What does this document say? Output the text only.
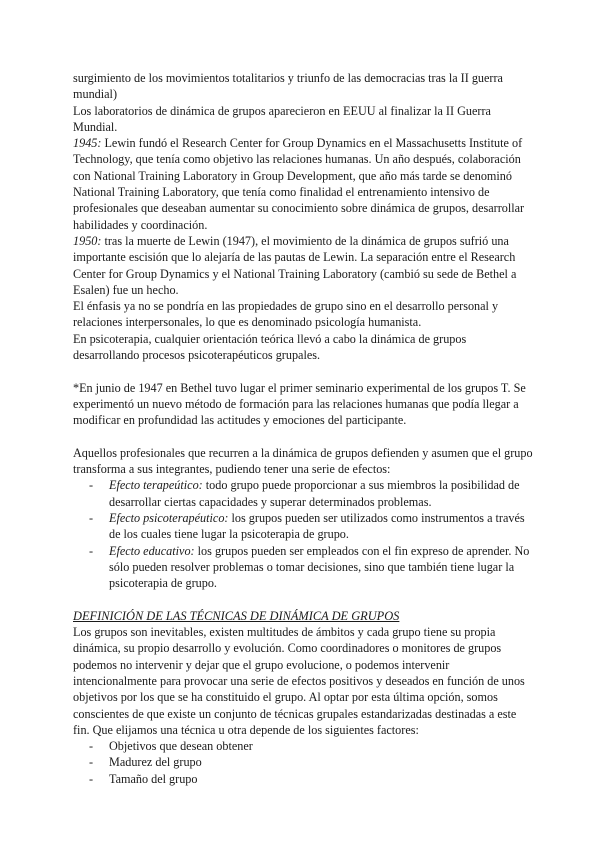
surgimiento de los movimientos totalitarios y triunfo de las democracias tras la II guerra mundial)

Los laboratorios de dinámica de grupos aparecieron en EEUU al finalizar la II Guerra Mundial.

1945: Lewin fundó el Research Center for Group Dynamics en el Massachusetts Institute of Technology, que tenía como objetivo las relaciones humanas. Un año después, colaboración con National Training Laboratory in Group Development, que año más tarde se denominó National Training Laboratory, que tenía como finalidad el entrenamiento intensivo de profesionales que deseaban aumentar su conocimiento sobre dinámica de grupos, desarrollar habilidades y coordinación.

1950: tras la muerte de Lewin (1947), el movimiento de la dinámica de grupos sufrió una importante escisión que lo alejaría de las pautas de Lewin. La separación entre el Research Center for Group Dynamics y el National Training Laboratory (cambió su sede de Bethel a Esalen) fue un hecho.

El énfasis ya no se pondría en las propiedades de grupo sino en el desarrollo personal y relaciones interpersonales, lo que es denominado psicología humanista.

En psicoterapia, cualquier orientación teórica llevó a cabo la dinámica de grupos desarrollando procesos psicoterapéuticos grupales.

*En junio de 1947 en Bethel tuvo lugar el primer seminario experimental de los grupos T. Se experimentó un nuevo método de formación para las relaciones humanas que podía llegar a modificar en profundidad las actitudes y emociones del participante.

Aquellos profesionales que recurren a la dinámica de grupos defienden y asumen que el grupo transforma a sus integrantes, pudiendo tener una serie de efectos:

- Efecto terapeútico: todo grupo puede proporcionar a sus miembros la posibilidad de desarrollar ciertas capacidades y superar determinados problemas.
- Efecto psicoterapéutico: los grupos pueden ser utilizados como instrumentos a través de los cuales tiene lugar la psicoterapia de grupo.
- Efecto educativo: los grupos pueden ser empleados con el fin expreso de aprender. No sólo pueden resolver problemas o tomar decisiones, sino que también tiene lugar la psicoterapia de grupo.

DEFINICIÓN DE LAS TÉCNICAS DE DINÁMICA DE GRUPOS

Los grupos son inevitables, existen multitudes de ámbitos y cada grupo tiene su propia dinámica, su propio desarrollo y evolución. Como coordinadores o monitores de grupos podemos no intervenir y dejar que el grupo evolucione, o podemos intervenir intencionalmente para provocar una serie de efectos positivos y deseados en función de unos objetivos por los que se ha constituido el grupo. Al optar por esta última opción, somos conscientes de que existe un conjunto de técnicas grupales estandarizadas destinadas a este fin. Que elijamos una técnica u otra depende de los siguientes factores:

- Objetivos que desean obtener
- Madurez del grupo
- Tamaño del grupo
